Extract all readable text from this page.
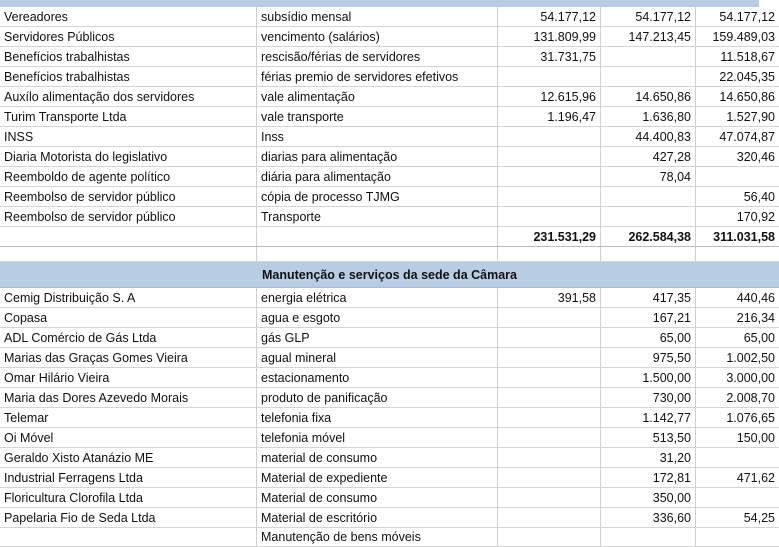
Vereadores	subsídio mensal	54.177,12	54.177,12	54.177,12
Servidores Públicos	vencimento (salários)	131.809,99	147.213,45	159.489,03
Benefícios trabalhistas	rescisão/férias de servidores	31.731,75		11.518,67
Benefícios trabalhistas	férias premio de servidores efetivos			22.045,35
Auxílo alimentação dos servidores	vale alimentação	12.615,96	14.650,86	14.650,86
Turim Transporte Ltda	vale transporte	1.196,47	1.636,80	1.527,90
INSS	Inss		44.400,83	47.074,87
Diaria Motorista do legislativo	diarias para alimentação		427,28	320,46
Reemboldo de agente político	diária para alimentação		78,04	
Reembolso de servidor público	cópia de processo TJMG			56,40
Reembolso de servidor público	Transporte			170,92
		231.531,29	262.584,38	311.031,58

Manutenção e serviços da sede da Câmara				
Cemig Distribuição S. A	energia elétrica	391,58	417,35	440,46
Copasa	agua e esgoto		167,21	216,34
ADL Comércio de Gás Ltda	gás GLP		65,00	65,00
Marias das Graças Gomes Vieira	agual mineral		975,50	1.002,50
Omar Hilário Vieira	estacionamento		1.500,00	3.000,00
Maria das Dores Azevedo Morais	produto de panificação		730,00	2.008,70
Telemar	telefonia fixa		1.142,77	1.076,65
Oi Móvel	telefonia móvel		513,50	150,00
Geraldo Xisto Atanázio ME	material de consumo		31,20	
Industrial Ferragens Ltda	Material de expediente		172,81	471,62
Floricultura Clorofila Ltda	Material de consumo		350,00	
Papelaria Fio de Seda Ltda	Material de escritório		336,60	54,25
	Manutenção de bens móveis			
